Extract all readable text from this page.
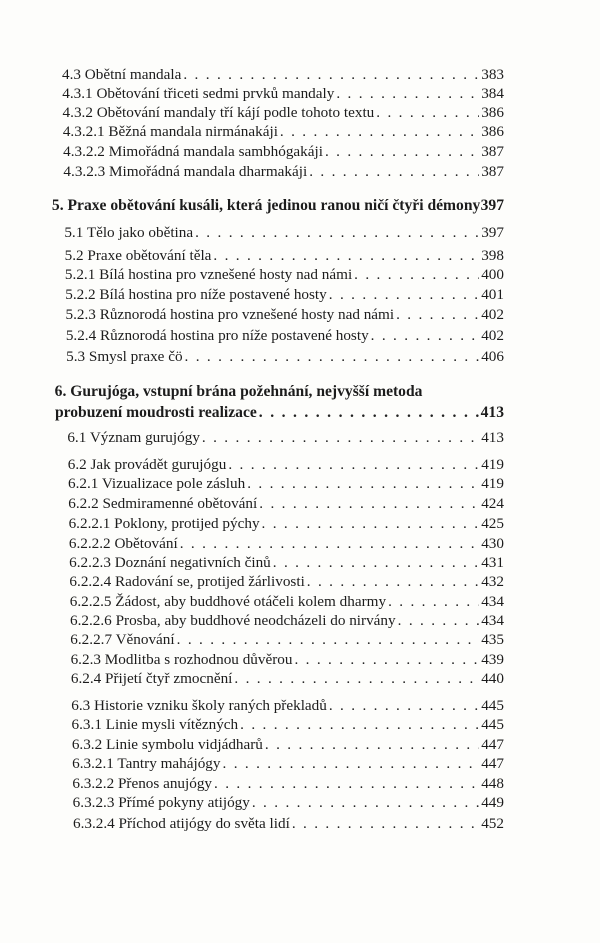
4.3 Obětní mandala . . .	383
4.3.1 Obětování třiceti sedmi prvků mandaly . . .	384
4.3.2 Obětování mandaly tří kájí podle tohoto textu . . .	386
4.3.2.1 Běžná mandala nirmánakáji . . .	386
4.3.2.2 Mimořádná mandala sambhógakáji . . .	387
4.3.2.3 Mimořádná mandala dharmakáji . . .	387
5. Praxe obětování kusáli, která jedinou ranou ničí čtyři démony 397
5.1 Tělo jako obětina . . .	397
5.2 Praxe obětování těla . . .	398
5.2.1 Bílá hostina pro vznešené hosty nad námi . . .	400
5.2.2 Bílá hostina pro níže postavené hosty . . .	401
5.2.3 Různorodá hostina pro vznešené hosty nad námi . . .	402
5.2.4 Různorodá hostina pro níže postavené hosty . . .	402
5.3 Smysl praxe čö . . .	406
6. Gurujóga, vstupní brána požehnání, nejvyšší metoda
probuzení moudrosti realizace . . .	413
6.1 Význam gurujógy . . .	413
6.2 Jak provádět gurujógu . . .	419
6.2.1 Vizualizace pole zásluh . . .	419
6.2.2 Sedmiramenné obětování . . .	424
6.2.2.1 Poklony, protijed pýchy . . .	425
6.2.2.2 Obětování . . .	430
6.2.2.3 Doznání negativních činů . . .	431
6.2.2.4 Radování se, protijed žárlivosti . . .	432
6.2.2.5 Žádost, aby buddhové otáčeli kolem dharmy . . .	434
6.2.2.6 Prosba, aby buddhové neodcházeli do nirvány . . .	434
6.2.2.7 Věnování . . .	435
6.2.3 Modlitba s rozhodnou důvěrou . . .	439
6.2.4 Přijetí čtyř zmocnění . . .	440
6.3 Historie vzniku školy raných překladů . . .	445
6.3.1 Linie mysli vítězných . . .	445
6.3.2 Linie symbolu vidjádharů . . .	447
6.3.2.1 Tantry mahájógy . . .	447
6.3.2.2 Přenos anujógy . . .	448
6.3.2.3 Přímé pokyny atijógy . . .	449
6.3.2.4 Příchod atijógy do světa lidí . . .	452
